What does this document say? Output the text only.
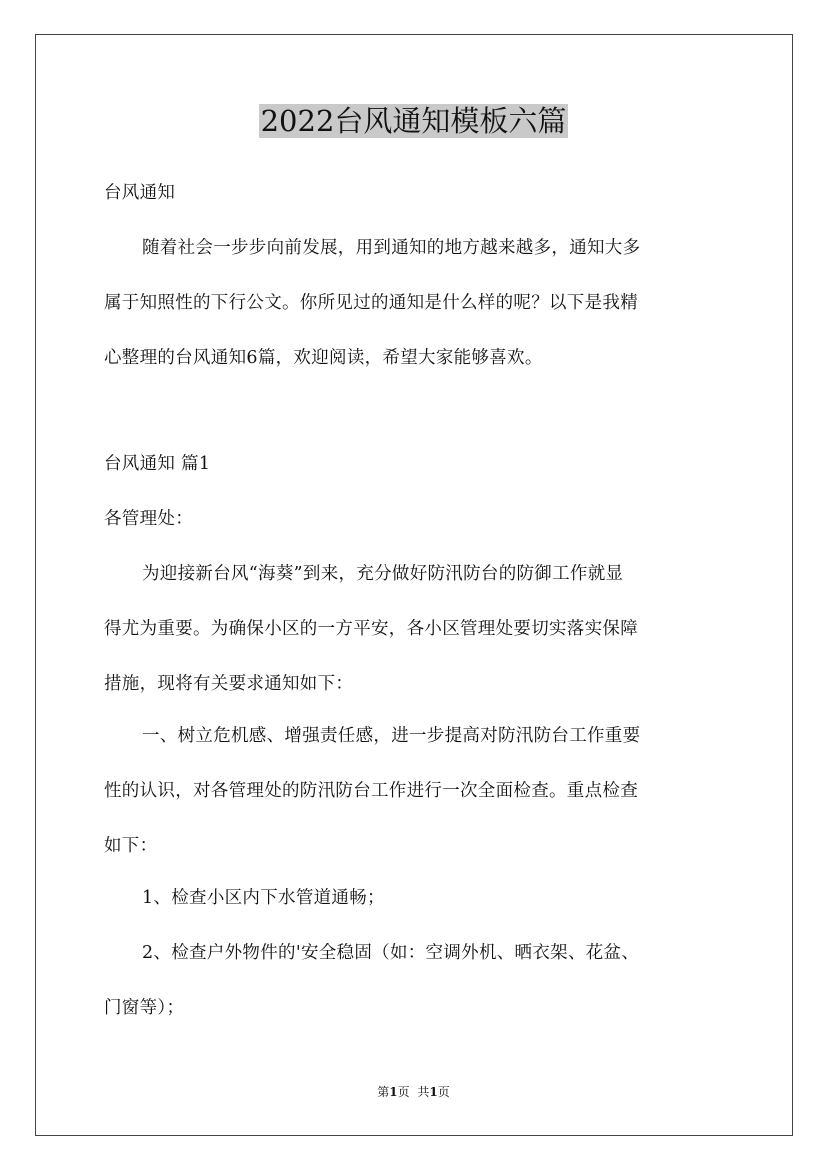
2022台风通知模板六篇

台风通知

随着社会一步步向前发展，用到通知的地方越来越多，通知大多
属于知照性的下行公文。你所见过的通知是什么样的呢？以下是我精
心整理的台风通知6篇，欢迎阅读，希望大家能够喜欢。

台风通知 篇1

各管理处：

为迎接新台风“海葵”到来，充分做好防汛防台的防御工作就显
得尤为重要。为确保小区的一方平安，各小区管理处要切实落实保障
措施，现将有关要求通知如下：
一、树立危机感、增强责任感，进一步提高对防汛防台工作重要
性的认识，对各管理处的防汛防台工作进行一次全面检查。重点检查
如下：
1、检查小区内下水管道通畅；
2、检查户外物件的'安全稳固（如：空调外机、晒衣架、花盆、
门窗等）；
第1页 共1页
